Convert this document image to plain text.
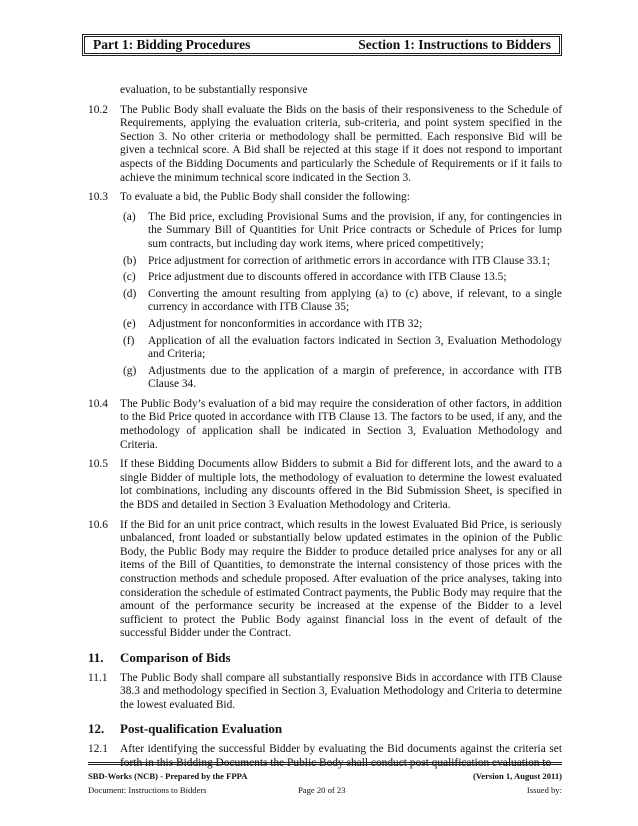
Part 1: Bidding Procedures	Section 1: Instructions to Bidders
evaluation, to be substantially responsive
10.2 The Public Body shall evaluate the Bids on the basis of their responsiveness to the Schedule of Requirements, applying the evaluation criteria, sub-criteria, and point system specified in the Section 3. No other criteria or methodology shall be permitted. Each responsive Bid will be given a technical score. A Bid shall be rejected at this stage if it does not respond to important aspects of the Bidding Documents and particularly the Schedule of Requirements or if it fails to achieve the minimum technical score indicated in the Section 3.
10.3 To evaluate a bid, the Public Body shall consider the following:
(a) The Bid price, excluding Provisional Sums and the provision, if any, for contingencies in the Summary Bill of Quantities for Unit Price contracts or Schedule of Prices for lump sum contracts, but including day work items, where priced competitively;
(b) Price adjustment for correction of arithmetic errors in accordance with ITB Clause 33.1;
(c) Price adjustment due to discounts offered in accordance with ITB Clause 13.5;
(d) Converting the amount resulting from applying (a) to (c) above, if relevant, to a single currency in accordance with ITB Clause 35;
(e) Adjustment for nonconformities in accordance with ITB 32;
(f) Application of all the evaluation factors indicated in Section 3, Evaluation Methodology and Criteria;
(g) Adjustments due to the application of a margin of preference, in accordance with ITB Clause 34.
10.4 The Public Body’s evaluation of a bid may require the consideration of other factors, in addition to the Bid Price quoted in accordance with ITB Clause 13. The factors to be used, if any, and the methodology of application shall be indicated in Section 3, Evaluation Methodology and Criteria.
10.5 If these Bidding Documents allow Bidders to submit a Bid for different lots, and the award to a single Bidder of multiple lots, the methodology of evaluation to determine the lowest evaluated lot combinations, including any discounts offered in the Bid Submission Sheet, is specified in the BDS and detailed in Section 3 Evaluation Methodology and Criteria.
10.6 If the Bid for an unit price contract, which results in the lowest Evaluated Bid Price, is seriously unbalanced, front loaded or substantially below updated estimates in the opinion of the Public Body, the Public Body may require the Bidder to produce detailed price analyses for any or all items of the Bill of Quantities, to demonstrate the internal consistency of those prices with the construction methods and schedule proposed. After evaluation of the price analyses, taking into consideration the schedule of estimated Contract payments, the Public Body may require that the amount of the performance security be increased at the expense of the Bidder to a level sufficient to protect the Public Body against financial loss in the event of default of the successful Bidder under the Contract.
11. Comparison of Bids
11.1 The Public Body shall compare all substantially responsive Bids in accordance with ITB Clause 38.3 and methodology specified in Section 3, Evaluation Methodology and Criteria to determine the lowest evaluated Bid.
12. Post-qualification Evaluation
12.1 After identifying the successful Bidder by evaluating the Bid documents against the criteria set forth in this Bidding Documents the Public Body shall conduct post qualification evaluation to
SBD-Works (NCB) - Prepared by the FPPA	(Version 1, August 2011)
Document: Instructions to Bidders	Page 20 of 23	Issued by:
